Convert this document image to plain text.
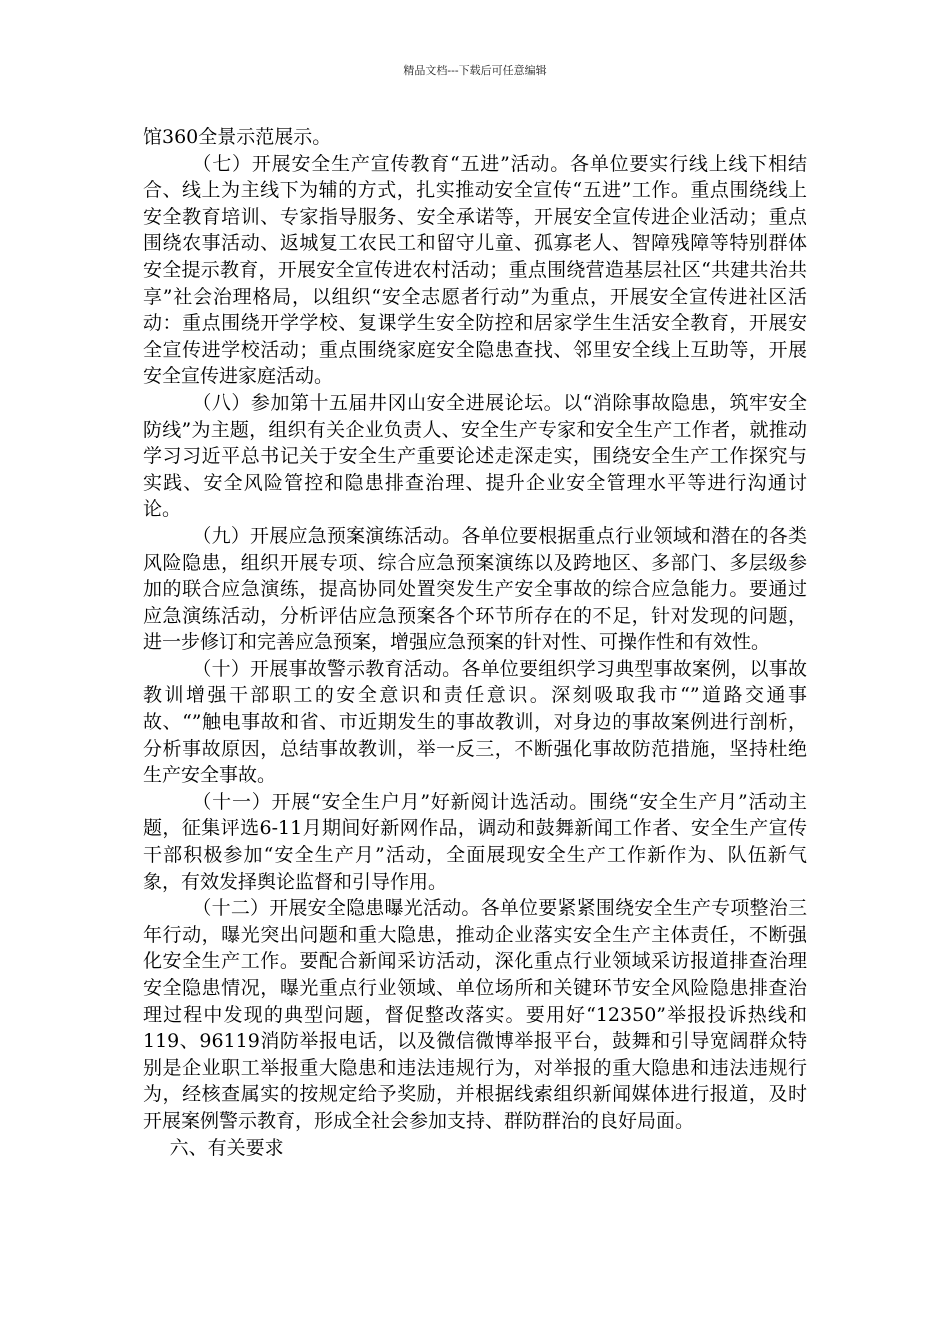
精品文档---下载后可任意编辑

馆360全景示范展示。

（七）开展安全生产宣传教育“五进”活动。各单位要实行线上线下相结合、线上为主线下为辅的方式，扎实推动安全宣传“五进”工作。重点围绕线上安全教育培训、专家指导服务、安全承诺等，开展安全宣传进企业活动；重点围绕农事活动、返城复工农民工和留守儿童、孤寡老人、智障残障等特别群体安全提示教育，开展安全宣传进农村活动；重点围绕营造基层社区“共建共治共享”社会治理格局，以组织“安全志愿者行动”为重点，开展安全宣传进社区活动：重点围绕开学学校、复课学生安全防控和居家学生生活安全教育，开展安全宣传进学校活动；重点围绕家庭安全隐患查找、邻里安全线上互助等，开展安全宣传进家庭活动。

（八）参加第十五届井冈山安全进展论坛。以“消除事故隐患，筑牢安全防线”为主题，组织有关企业负责人、安全生产专家和安全生产工作者，就推动学习习近平总书记关于安全生产重要论述走深走实，围绕安全生产工作探究与实践、安全风险管控和隐患排查治理、提升企业安全管理水平等进行沟通讨论。

（九）开展应急预案演练活动。各单位要根据重点行业领域和潜在的各类风险隐患，组织开展专项、综合应急预案演练以及跨地区、多部门、多层级参加的联合应急演练，提高协同处置突发生产安全事故的综合应急能力。要通过应急演练活动，分析评估应急预案各个环节所存在的不足，针对发现的问题，进一步修订和完善应急预案，增强应急预案的针对性、可操作性和有效性。

（十）开展事故警示教育活动。各单位要组织学习典型事故案例，以事故教训增强干部职工的安全意识和责任意识。深刻吸取我市“”道路交通事故、“”触电事故和省、市近期发生的事故教训，对身边的事故案例进行剖析，分析事故原因，总结事故教训，举一反三，不断强化事故防范措施，坚持杜绝生产安全事故。

（十一）开展“安全生户月”好新阅计选活动。围绕“安全生产月”活动主题，征集评选6-11月期间好新网作品，调动和鼓舞新闻工作者、安全生产宣传干部积极参加“安全生产月”活动，全面展现安全生产工作新作为、队伍新气象，有效发择舆论监督和引导作用。

（十二）开展安全隐患曝光活动。各单位要紧紧围绕安全生产专项整治三年行动，曝光突出问题和重大隐患，推动企业落实安全生产主体责任，不断强化安全生产工作。要配合新闻采访活动，深化重点行业领域采访报道排查治理安全隐患情况，曝光重点行业领域、单位场所和关键环节安全风险隐患排查治理过程中发现的典型问题，督促整改落实。要用好“12350”举报投诉热线和119、96119消防举报电话，以及微信微博举报平台，鼓舞和引导宽阔群众特别是企业职工举报重大隐患和违法违规行为，对举报的重大隐患和违法违规行为，经核查属实的按规定给予奖励，并根据线索组织新闻媒体进行报道，及时开展案例警示教育，形成全社会参加支持、群防群治的良好局面。

六、有关要求
